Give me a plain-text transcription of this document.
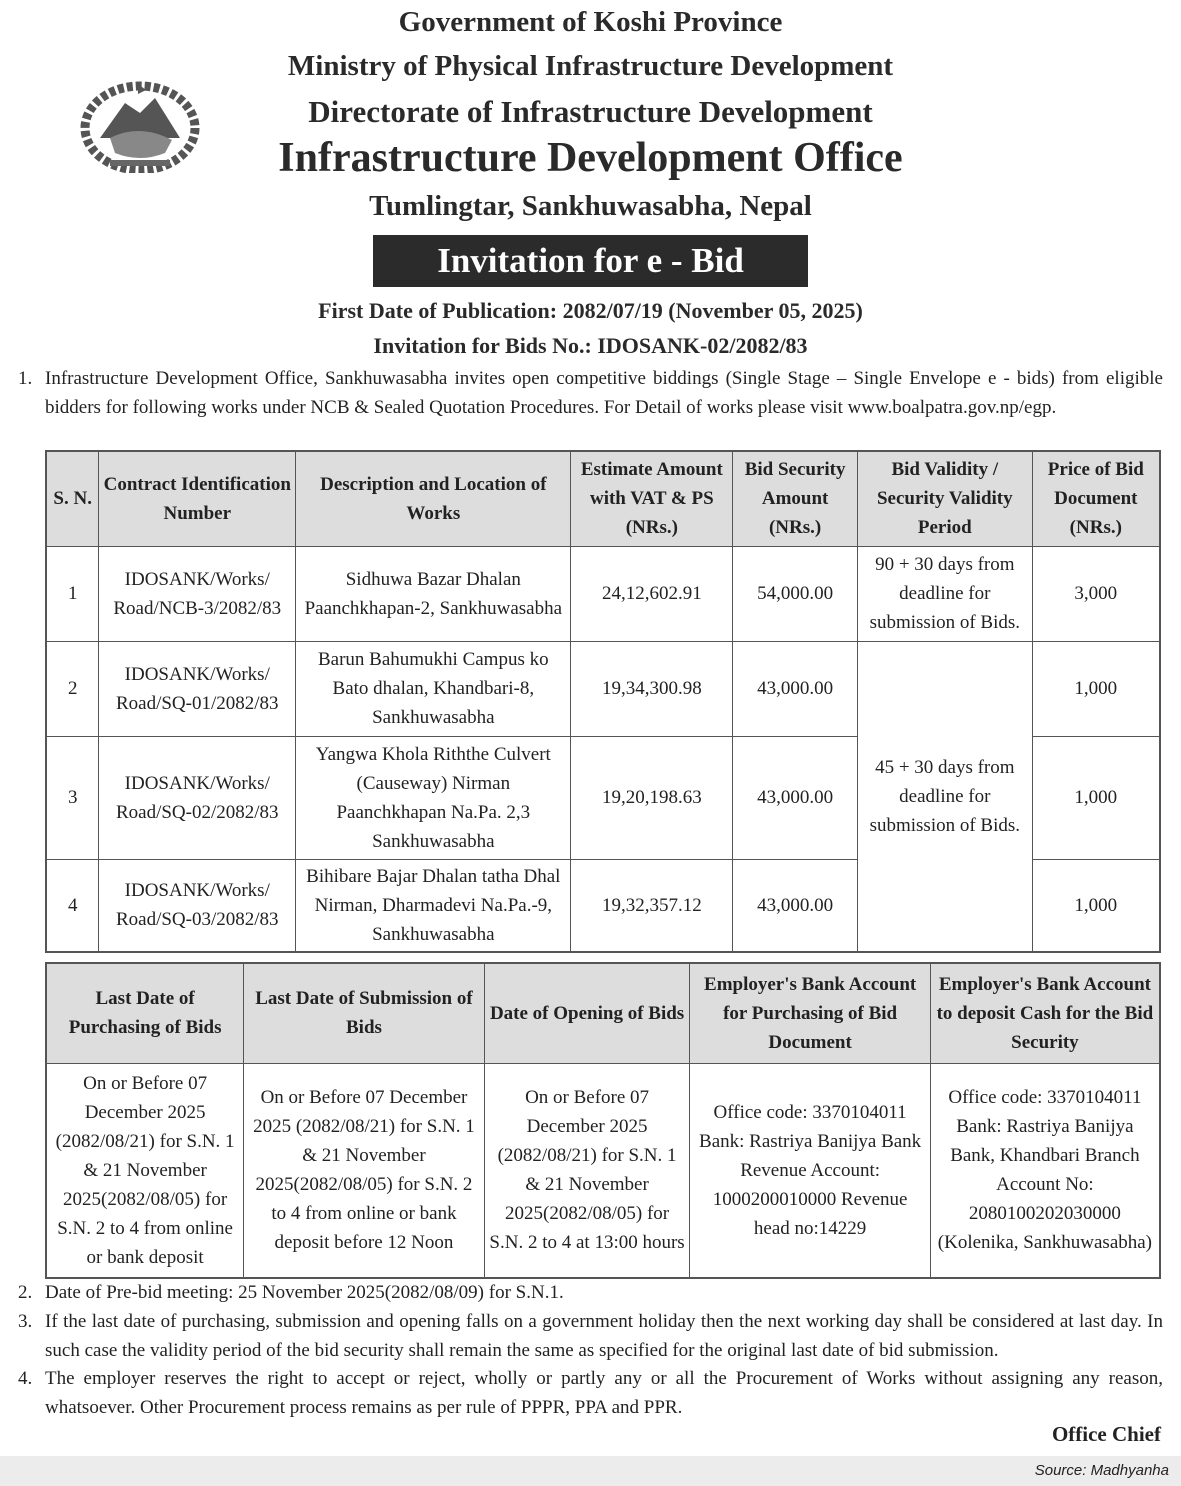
Government of Koshi Province
Ministry of Physical Infrastructure Development
Directorate of Infrastructure Development
Infrastructure Development Office
Tumlingtar, Sankhuwasabha, Nepal
Invitation for e - Bid
First Date of Publication: 2082/07/19 (November 05, 2025)
Invitation for Bids No.: IDOSANK-02/2082/83
1. Infrastructure Development Office, Sankhuwasabha invites open competitive biddings (Single Stage – Single Envelope e - bids) from eligible bidders for following works under NCB & Sealed Quotation Procedures. For Detail of works please visit www.boalpatra.gov.np/egp.
S. N.	Contract Identification Number	Description and Location of Works	Estimate Amount with VAT & PS (NRs.)	Bid Security Amount (NRs.)	Bid Validity / Security Validity Period	Price of Bid Document (NRs.)
1	IDOSANK/Works/ Road/NCB-3/2082/83	Sidhuwa Bazar Dhalan Paanchkhapan-2, Sankhuwasabha	24,12,602.91	54,000.00	90 + 30 days from deadline for submission of Bids.	3,000
2	IDOSANK/Works/ Road/SQ-01/2082/83	Barun Bahumukhi Campus ko Bato dhalan, Khandbari-8, Sankhuwasabha	19,34,300.98	43,000.00	45 + 30 days from deadline for submission of Bids.	1,000
3	IDOSANK/Works/ Road/SQ-02/2082/83	Yangwa Khola Riththe Culvert (Causeway) Nirman Paanchkhapan Na.Pa. 2,3 Sankhuwasabha	19,20,198.63	43,000.00		1,000
4	IDOSANK/Works/ Road/SQ-03/2082/83	Bihibare Bajar Dhalan tatha Dhal Nirman, Dharmadevi Na.Pa.-9, Sankhuwasabha	19,32,357.12	43,000.00		1,000
Last Date of Purchasing of Bids	Last Date of Submission of Bids	Date of Opening of Bids	Employer's Bank Account for Purchasing of Bid Document	Employer's Bank Account to deposit Cash for the Bid Security
On or Before 07 December 2025 (2082/08/21) for S.N. 1 & 21 November 2025(2082/08/05) for S.N. 2 to 4 from online or bank deposit	On or Before 07 December 2025 (2082/08/21) for S.N. 1 & 21 November 2025(2082/08/05) for S.N. 2 to 4 from online or bank deposit before 12 Noon	On or Before 07 December 2025 (2082/08/21) for S.N. 1 & 21 November 2025(2082/08/05) for S.N. 2 to 4 at 13:00 hours	Office code: 3370104011 Bank: Rastriya Banijya Bank Revenue Account: 1000200010000 Revenue head no:14229	Office code: 3370104011 Bank: Rastriya Banijya Bank, Khandbari Branch Account No: 2080100202030000 (Kolenika, Sankhuwasabha)
2. Date of Pre-bid meeting: 25 November 2025(2082/08/09) for S.N.1.
3. If the last date of purchasing, submission and opening falls on a government holiday then the next working day shall be considered at last day. In such case the validity period of the bid security shall remain the same as specified for the original last date of bid submission.
4. The employer reserves the right to accept or reject, wholly or partly any or all the Procurement of Works without assigning any reason, whatsoever. Other Procurement process remains as per rule of PPPR, PPA and PPR.
Office Chief
Source: Madhyanha
